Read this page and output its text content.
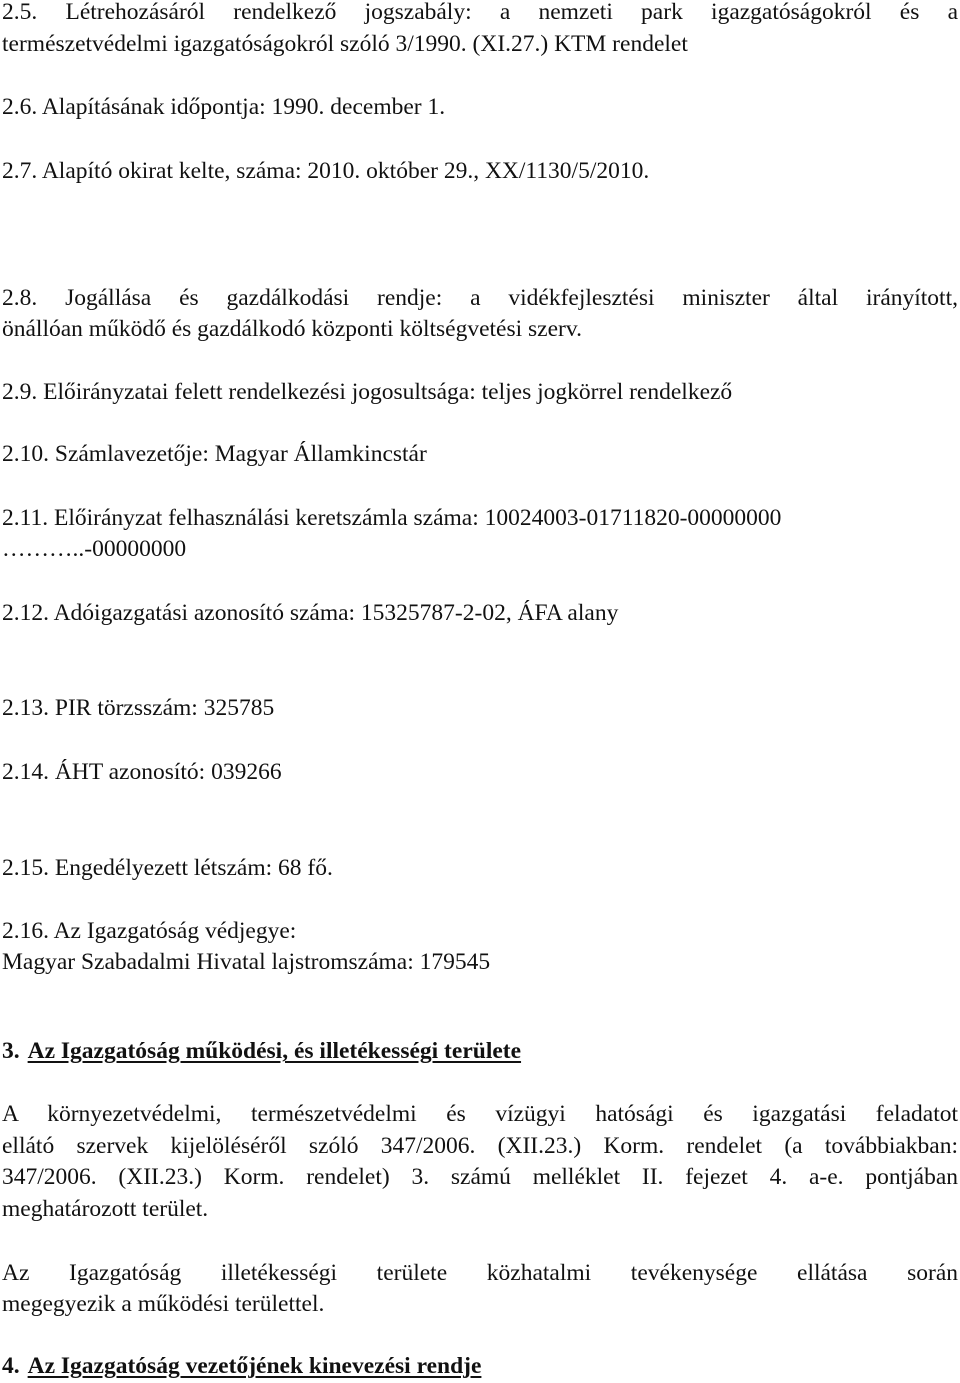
2.5. Létrehozásáról rendelkező jogszabály: a nemzeti park igazgatóságokról és a

természetvédelmi igazgatóságokról szóló 3/1990. (XI.27.) KTM rendelet

2.6. Alapításának időpontja: 1990. december 1.

2.7. Alapító okirat kelte, száma: 2010. október 29., XX/1130/5/2010.

2.8. Jogállása és gazdálkodási rendje: a vidékfejlesztési miniszter által irányított,

önállóan működő és gazdálkodó központi költségvetési szerv.

2.9. Előirányzatai felett rendelkezési jogosultsága: teljes jogkörrel rendelkező

2.10. Számlavezetője: Magyar Államkincstár

2.11. Előirányzat felhasználási keretszámla száma: 10024003-01711820-00000000

………..-00000000

2.12. Adóigazgatási azonosító száma: 15325787-2-02, ÁFA alany

2.13. PIR törzsszám: 325785

2.14. ÁHT azonosító: 039266

2.15. Engedélyezett létszám: 68 fő.

2.16. Az Igazgatóság védjegye:

Magyar Szabadalmi Hivatal lajstromszáma: 179545

3. Az Igazgatóság működési, és illetékességi területe

A környezetvédelmi, természetvédelmi és vízügyi hatósági és igazgatási feladatot

ellátó szervek kijelöléséről szóló 347/2006. (XII.23.) Korm. rendelet (a továbbiakban:

347/2006. (XII.23.) Korm. rendelet) 3. számú melléklet II. fejezet 4. a-e. pontjában

meghatározott terület.

Az Igazgatóság illetékességi területe közhatalmi tevékenysége ellátása során

megegyezik a működési területtel.

4. Az Igazgatóság vezetőjének kinevezési rendje
